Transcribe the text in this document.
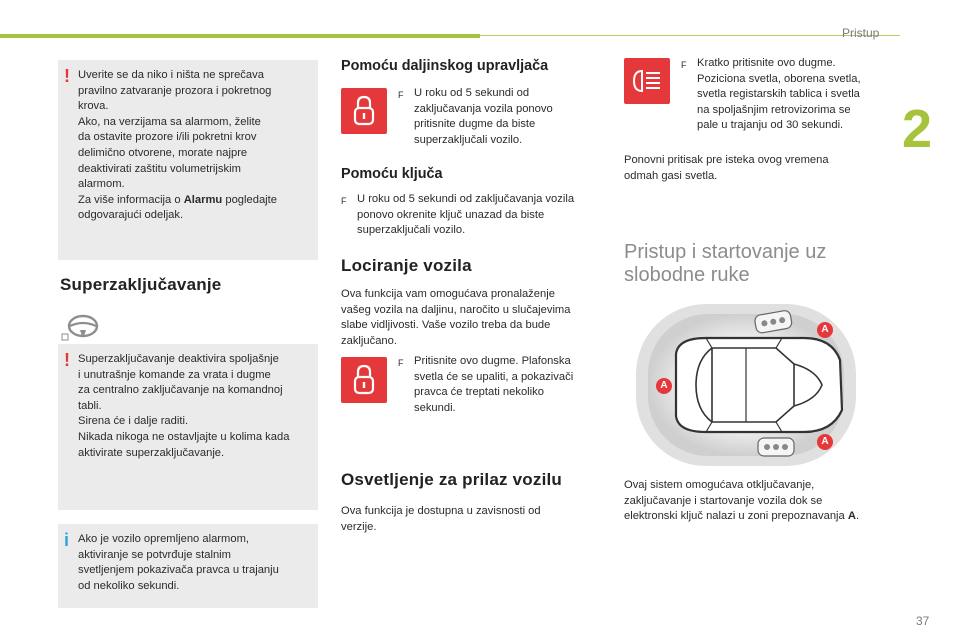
Pristup
2
37
! Uverite se da niko i ništa ne sprečava

pravilno zatvaranje prozora i pokretnog

krova.

Ako, na verzijama sa alarmom, želite

da ostavite prozore i/ili pokretni krov

delimično otvorene, morate najpre

deaktivirati zaštitu volumetrijskim

alarmom.

Za više informacija o Alarmu pogledajte

odgovarajući odeljak.

Superzaključavanje
! Superzaključavanje deaktivira spoljašnje

i unutrašnje komande za vrata i dugme

za centralno zaključavanje na komandnoj

tabli.

Sirena će i dalje raditi.

Nikada nikoga ne ostavljajte u kolima kada

aktivirate superzaključavanje.

i Ako je vozilo opremljeno alarmom,

aktiviranje se potvrđuje stalnim

svetljenjem pokazivača pravca u trajanju

od nekoliko sekundi.

Pomoću daljinskog upravljača
F U roku od 5 sekundi od
zaključavanja vozila ponovo
pritisnite dugme da biste
superzaključali vozilo.
Pomoću ključa
F U roku od 5 sekundi od zaključavanja vozila
ponovo okrenite ključ unazad da biste
superzaključali vozilo.
Lociranje vozila
Ova funkcija vam omogućava pronalaženje
vašeg vozila na daljinu, naročito u slučajevima
slabe vidljivosti. Vaše vozilo treba da bude
zaključano.
F Pritisnite ovo dugme. Plafonska
svetla će se upaliti, a pokazivači
pravca će treptati nekoliko
sekundi.
Osvetljenje za prilaz vozilu
Ova funkcija je dostupna u zavisnosti od
verzije.
F Kratko pritisnite ovo dugme.
Poziciona svetla, oborena svetla,
svetla registarskih tablica i svetla
na spoljašnjim retrovizorima se
pale u trajanju od 30 sekundi.
Ponovni pritisak pre isteka ovog vremena
odmah gasi svetla.
Pristup i startovanje uz
slobodne ruke
A
A
A
Ovaj sistem omogućava otključavanje,
zaključavanje i startovanje vozila dok se
elektronski ključ nalazi u zoni prepoznavanja A.
